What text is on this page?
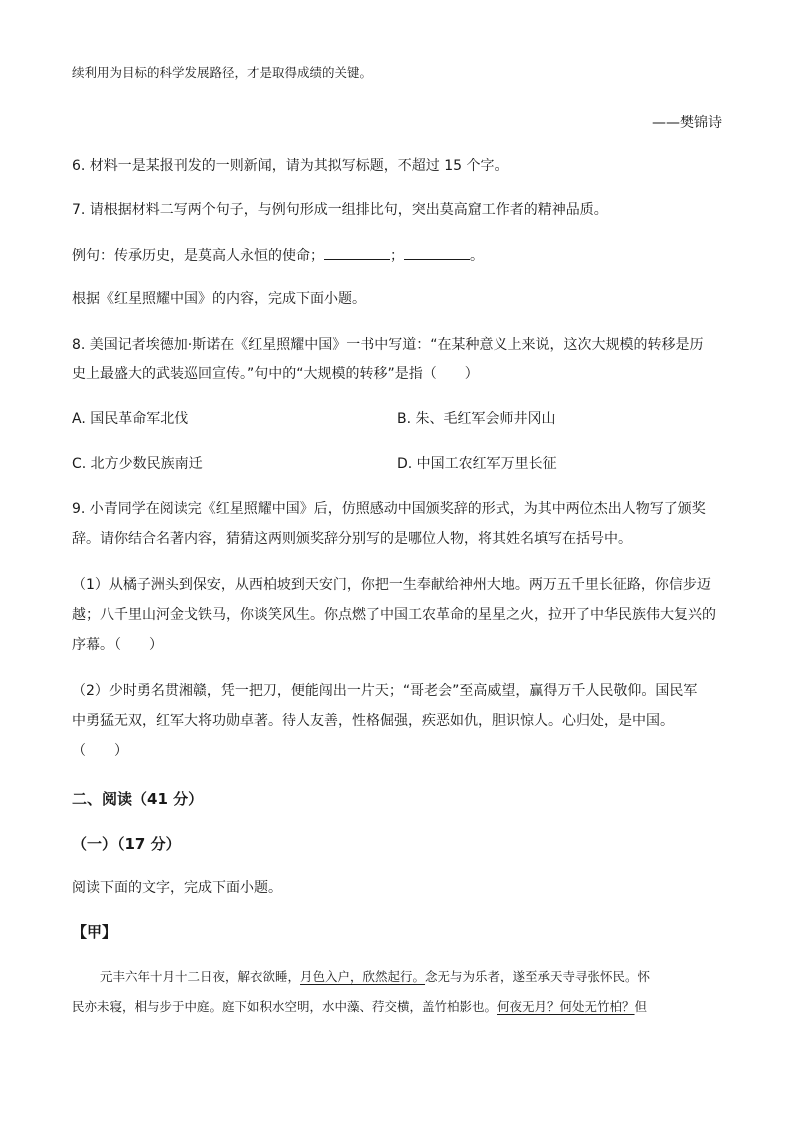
续利用为目标的科学发展路径，才是取得成绩的关键。
——樊锦诗
6. 材料一是某报刊发的一则新闻，请为其拟写标题，不超过 15 个字。
7. 请根据材料二写两个句子，与例句形成一组排比句，突出莫高窟工作者的精神品质。
例句：传承历史，是莫高人永恒的使命；	；	。
根据《红星照耀中国》的内容，完成下面小题。
8. 美国记者埃德加·斯诺在《红星照耀中国》一书中写道：“在某种意义上来说，这次大规模的转移是历
史上最盛大的武装巡回宣传。”句中的“大规模的转移”是指（　　）
A. 国民革命军北伐	B. 朱、毛红军会师井冈山
C. 北方少数民族南迁	D. 中国工农红军万里长征
9. 小青同学在阅读完《红星照耀中国》后，仿照感动中国颁奖辞的形式，为其中两位杰出人物写了颁奖
辞。请你结合名著内容，猜猜这两则颁奖辞分别写的是哪位人物，将其姓名填写在括号中。
（1）从橘子洲头到保安，从西柏坡到天安门，你把一生奉献给神州大地。两万五千里长征路，你信步迈
越；八千里山河金戈铁马，你谈笑风生。你点燃了中国工农革命的星星之火，拉开了中华民族伟大复兴的
序幕。（　　）
（2）少时勇名贯湘赣，凭一把刀，便能闯出一片天；“哥老会”至高威望，赢得万千人民敬仰。国民军
中勇猛无双，红军大将功勋卓著。待人友善，性格倔强，疾恶如仇，胆识惊人。心归处，是中国。
（　　）
二、阅读（41 分）
（一）（17 分）
阅读下面的文字，完成下面小题。
【甲】
元丰六年十月十二日夜，解衣欲睡，月色入户，欣然起行。念无与为乐者，遂至承天寺寻张怀民。怀
民亦未寝，相与步于中庭。庭下如积水空明，水中藻、荇交横，盖竹柏影也。何夜无月？何处无竹柏？但
